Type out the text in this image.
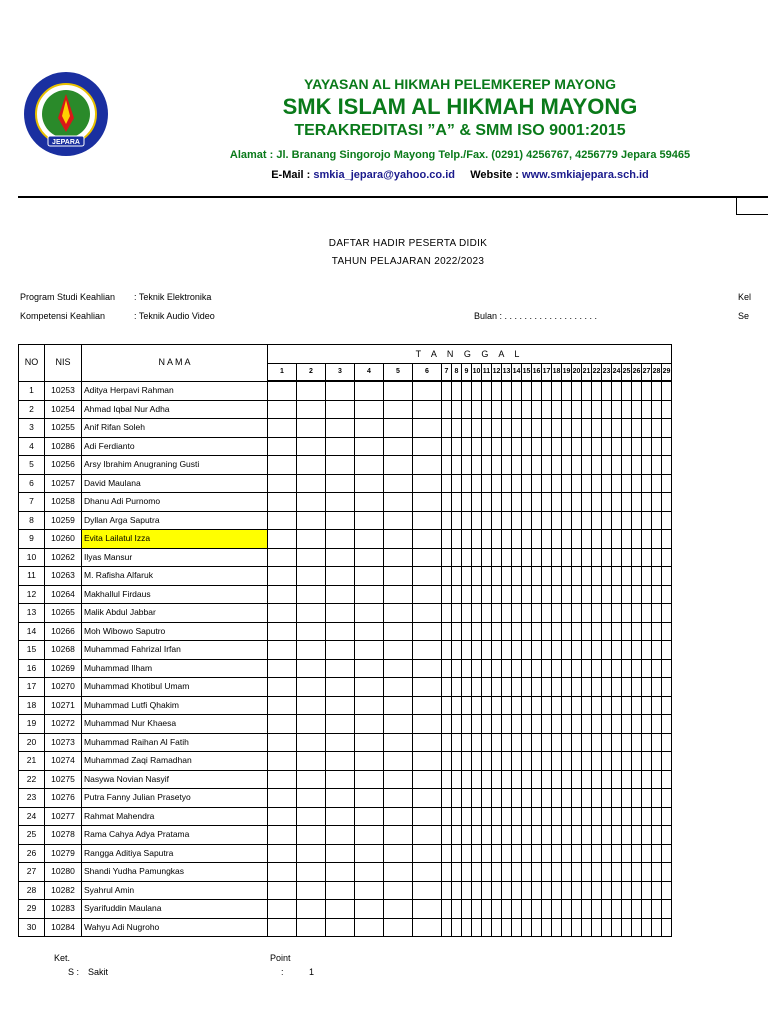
JEPARA
YAYASAN AL HIKMAH PELEMKEREP MAYONG
SMK ISLAM AL HIKMAH MAYONG
TERAKREDITASI ”A” & SMM ISO 9001:2015
Alamat : Jl. Branang Singorojo Mayong Telp./Fax. (0291) 4256767, 4256779 Jepara 59465
E-Mail : smkia_jepara@yahoo.co.id Website : www.smkiajepara.sch.id
DAFTAR HADIR PESERTA DIDIK
TAHUN PELAJARAN 2022/2023
Program Studi Keahlian : Teknik Elektronika
Kompetensi Keahlian	: Teknik Audio Video	Bulan : . . . . . . . . . . . . . . . . . . .
Kel
Se
NO	NIS	N A M A	T A N G G A L																												
			1	2	3	4	5	6	7	8	9	10	11	12	13	14	15	16	17	18	19	20	21	22	23	24	25	26	27	28	29
1	10253	Aditya Herpavi Rahman																													
2	10254	Ahmad Iqbal Nur Adha																													
3	10255	Anif Rifan Soleh																													
4	10286	Adi Ferdianto																													
5	10256	Arsy Ibrahim Anugraning Gusti																													
6	10257	David Maulana																													
7	10258	Dhanu Adi Purnomo																													
8	10259	Dyllan Arga Saputra																													
9	10260	Evita Lailatul Izza																													
10	10262	Ilyas Mansur																													
11	10263	M. Rafisha Alfaruk																													
12	10264	Makhallul Firdaus																													
13	10265	Malik Abdul Jabbar																													
14	10266	Moh Wibowo Saputro																													
15	10268	Muhammad Fahrizal Irfan																													
16	10269	Muhammad Ilham																													
17	10270	Muhammad Khotibul Umam																													
18	10271	Muhammad Lutfi Qhakim																													
19	10272	Muhammad Nur Khaesa																													
20	10273	Muhammad Raihan Al Fatih																													
21	10274	Muhammad Zaqi Ramadhan																													
22	10275	Nasywa Novian Nasyif																													
23	10276	Putra Fanny Julian Prasetyo																													
24	10277	Rahmat Mahendra																													
25	10278	Rama Cahya Adya Pratama																													
26	10279	Rangga Aditiya Saputra																													
27	10280	Shandi Yudha Pamungkas																													
28	10282	Syahrul Amin																													
29	10283	Syarifuddin Maulana																													
30	10284	Wahyu Adi Nugroho																													
Ket.	Point
S : Sakit	:	1
